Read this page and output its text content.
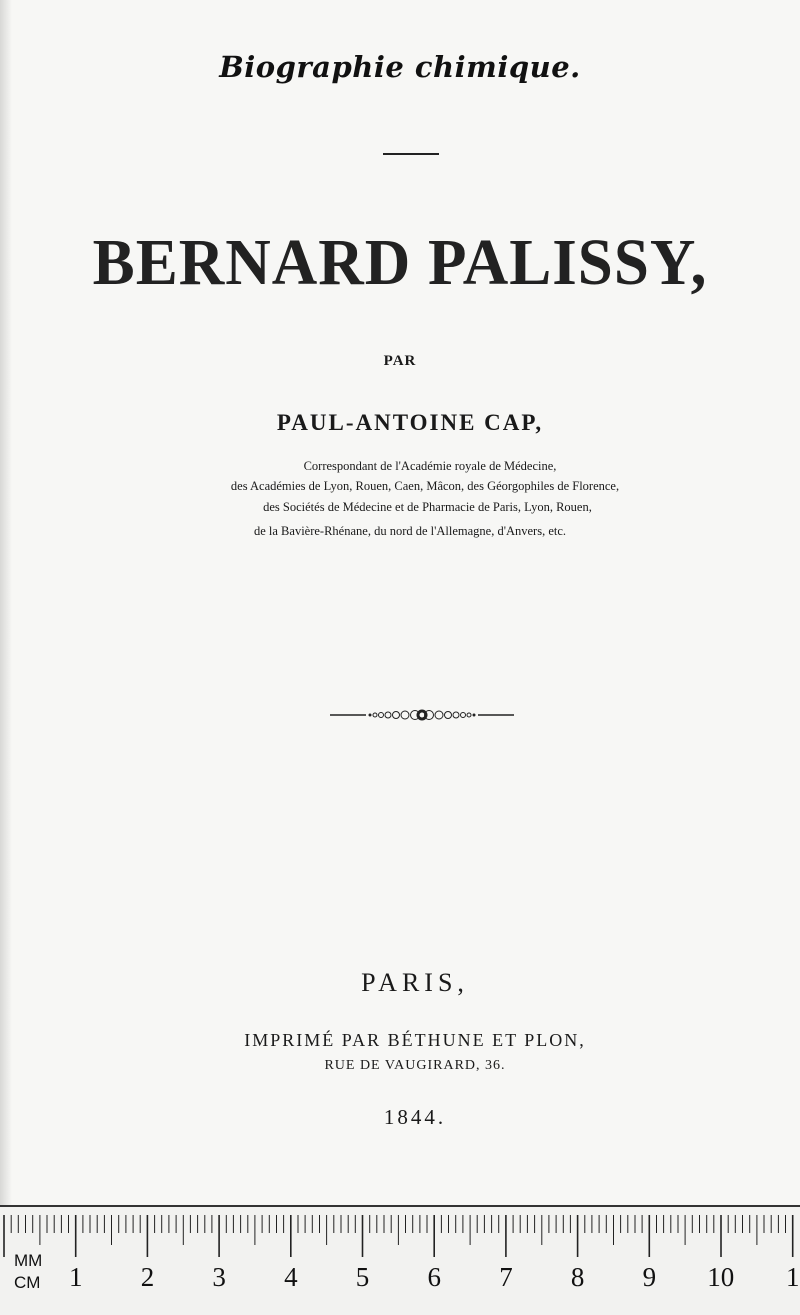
Biographie chimique.
BERNARD PALISSY,
PAR
PAUL-ANTOINE CAP,
Correspondant de l'Académie royale de Médecine,
des Académies de Lyon, Rouen, Caen, Mâcon, des Géorgophiles de Florence,
des Sociétés de Médecine et de Pharmacie de Paris, Lyon, Rouen,
de la Bavière-Rhénane, du nord de l'Allemagne, d'Anvers, etc.
PARIS,
IMPRIMÉ PAR BÉTHUNE ET PLON,
RUE DE VAUGIRARD, 36.
1844.
MM
CM 1 2 3 4 5 6 7 8 9 10 1
